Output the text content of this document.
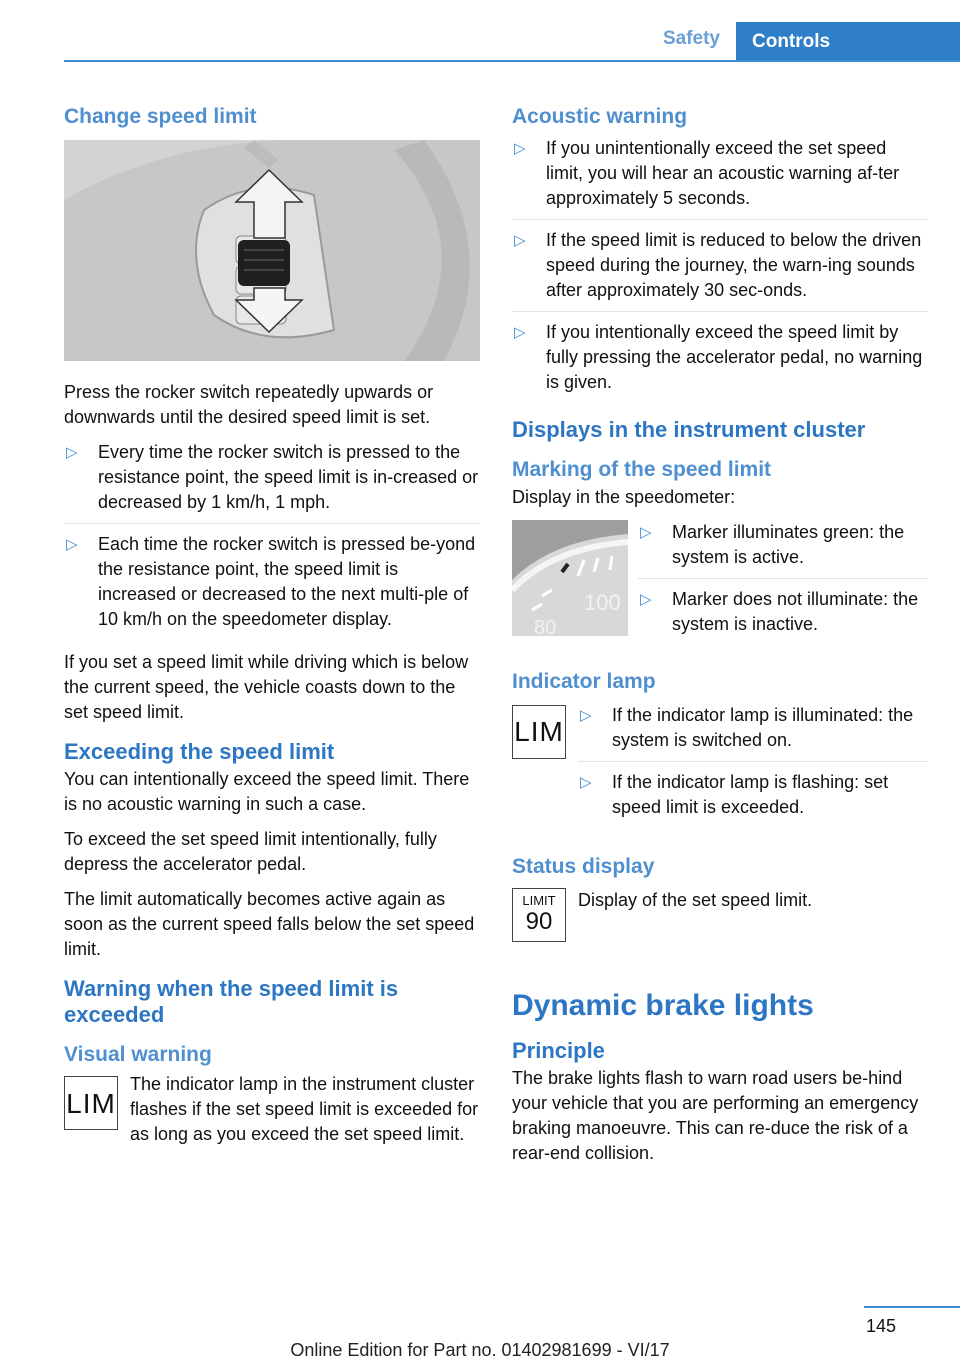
Safety	Controls
Change speed limit

Press the rocker switch repeatedly upwards or downwards until the desired speed limit is set.

▷ Every time the rocker switch is pressed to the resistance point, the speed limit is in-creased or decreased by 1 km/h, 1 mph.
▷ Each time the rocker switch is pressed be-yond the resistance point, the speed limit is increased or decreased to the next multi-ple of 10 km/h on the speedometer display.

If you set a speed limit while driving which is below the current speed, the vehicle coasts down to the set speed limit.

Exceeding the speed limit

You can intentionally exceed the speed limit. There is no acoustic warning in such a case.

To exceed the set speed limit intentionally, fully depress the accelerator pedal.

The limit automatically becomes active again as soon as the current speed falls below the set speed limit.

Warning when the speed limit is exceeded
Visual warning
LIM
The indicator lamp in the instrument cluster flashes if the set speed limit is exceeded for as long as you exceed the set speed limit.
Acoustic warning
▷ If you unintentionally exceed the set speed limit, you will hear an acoustic warning af-ter approximately 5 seconds.
▷ If the speed limit is reduced to below the driven speed during the journey, the warn-ing sounds after approximately 30 sec-onds.
▷ If you intentionally exceed the speed limit by fully pressing the accelerator pedal, no warning is given.
Displays in the instrument cluster
Marking of the speed limit

Display in the speedometer:

100
80
▷ Marker illuminates green: the system is active.
▷ Marker does not illuminate: the system is inactive.
Indicator lamp
LIM
▷ If the indicator lamp is illuminated: the system is switched on.
▷ If the indicator lamp is flashing: set speed limit is exceeded.
Status display
LIMIT
90

Display of the set speed limit.

Dynamic brake lights
Principle

The brake lights flash to warn road users be-hind your vehicle that you are performing an emergency braking manoeuvre. This can re-duce the risk of a rear-end collision.

145
Online Edition for Part no. 01402981699 - VI/17
